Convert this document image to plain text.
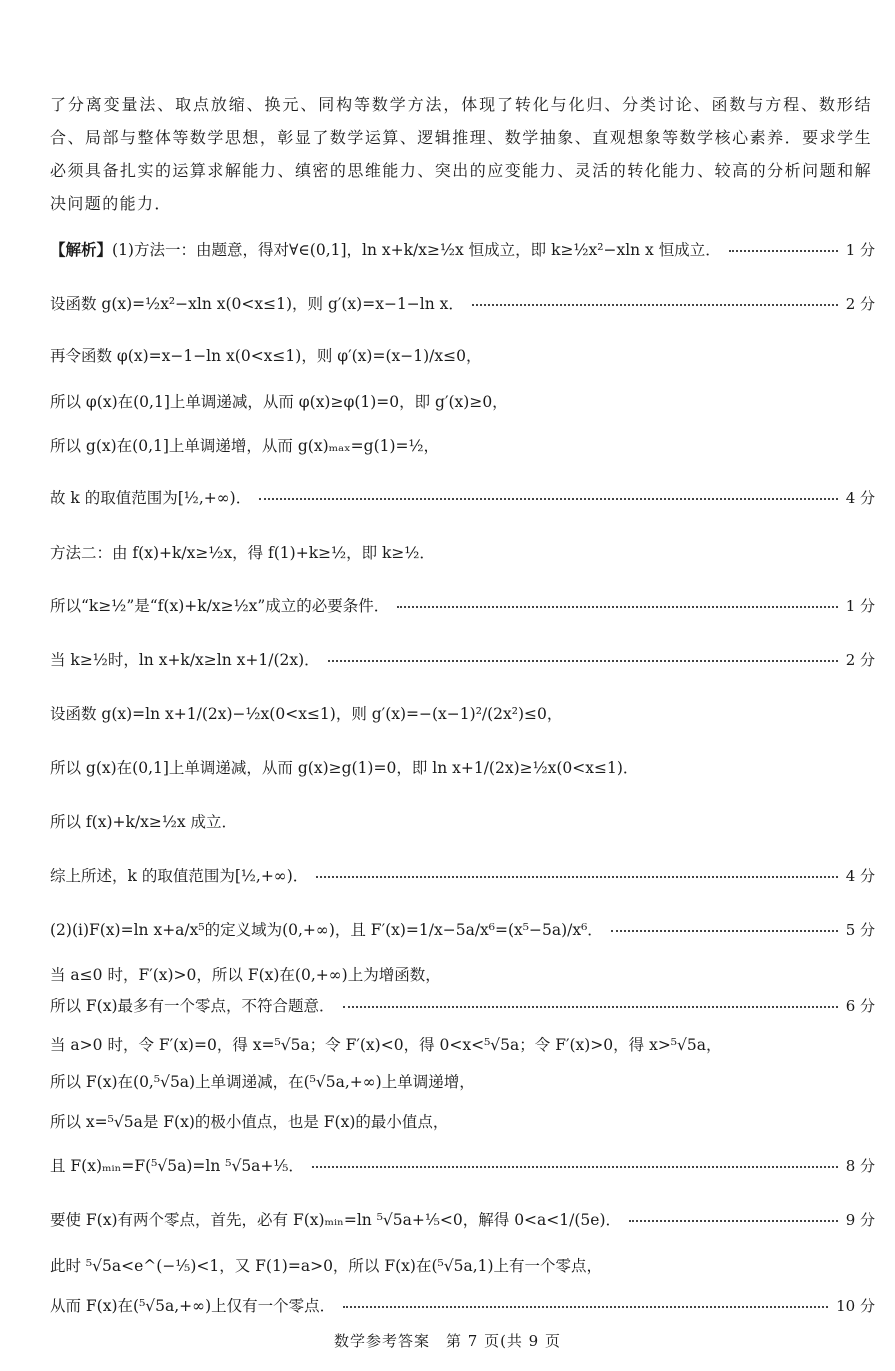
了分离变量法、取点放缩、换元、同构等数学方法，体现了转化与化归、分类讨论、函数与方程、数形结合、局部与整体等数学思想，彰显了数学运算、逻辑推理、数学抽象、直观想象等数学核心素养．要求学生必须具备扎实的运算求解能力、缜密的思维能力、突出的应变能力、灵活的转化能力、较高的分析问题和解决问题的能力．
【解析】(1)方法一：由题意，得对∀∈(0,1]，ln x+k/x≥½x 恒成立，即 k≥½x²−xln x 恒成立．	1 分
设函数 g(x)=½x²−xln x(0<x≤1)，则 g′(x)=x−1−ln x．	2 分
再令函数 φ(x)=x−1−ln x(0<x≤1)，则 φ′(x)=(x−1)/x≤0，
所以 φ(x)在(0,1]上单调递减，从而 φ(x)≥φ(1)=0，即 g′(x)≥0，
所以 g(x)在(0,1]上单调递增，从而 g(x)ₘₐₓ=g(1)=½，
故 k 的取值范围为[½,+∞)．	4 分
方法二：由 f(x)+k/x≥½x，得 f(1)+k≥½，即 k≥½．
所以“k≥½”是“f(x)+k/x≥½x”成立的必要条件．	1 分
当 k≥½时，ln x+k/x≥ln x+1/(2x)．	2 分
设函数 g(x)=ln x+1/(2x)−½x(0<x≤1)，则 g′(x)=−(x−1)²/(2x²)≤0，
所以 g(x)在(0,1]上单调递减，从而 g(x)≥g(1)=0，即 ln x+1/(2x)≥½x(0<x≤1)．
所以 f(x)+k/x≥½x 成立．
综上所述，k 的取值范围为[½,+∞)．	4 分
(2)(i)F(x)=ln x+a/x⁵的定义域为(0,+∞)，且 F′(x)=1/x−5a/x⁶=(x⁵−5a)/x⁶．	5 分
当 a≤0 时，F′(x)>0，所以 F(x)在(0,+∞)上为增函数，
所以 F(x)最多有一个零点，不符合题意．	6 分
当 a>0 时，令 F′(x)=0，得 x=⁵√5a；令 F′(x)<0，得 0<x<⁵√5a；令 F′(x)>0，得 x>⁵√5a，
所以 F(x)在(0,⁵√5a)上单调递减，在(⁵√5a,+∞)上单调递增，
所以 x=⁵√5a是 F(x)的极小值点，也是 F(x)的最小值点，
且 F(x)ₘᵢₙ=F(⁵√5a)=ln ⁵√5a+⅕．	8 分
要使 F(x)有两个零点，首先，必有 F(x)ₘᵢₙ=ln ⁵√5a+⅕<0，解得 0<a<1/(5e)．	9 分
此时 ⁵√5a<e^(−⅕)<1，又 F(1)=a>0，所以 F(x)在(⁵√5a,1)上有一个零点，
从而 F(x)在(⁵√5a,+∞)上仅有一个零点．	10 分
数学参考答案　第 7 页(共 9 页
